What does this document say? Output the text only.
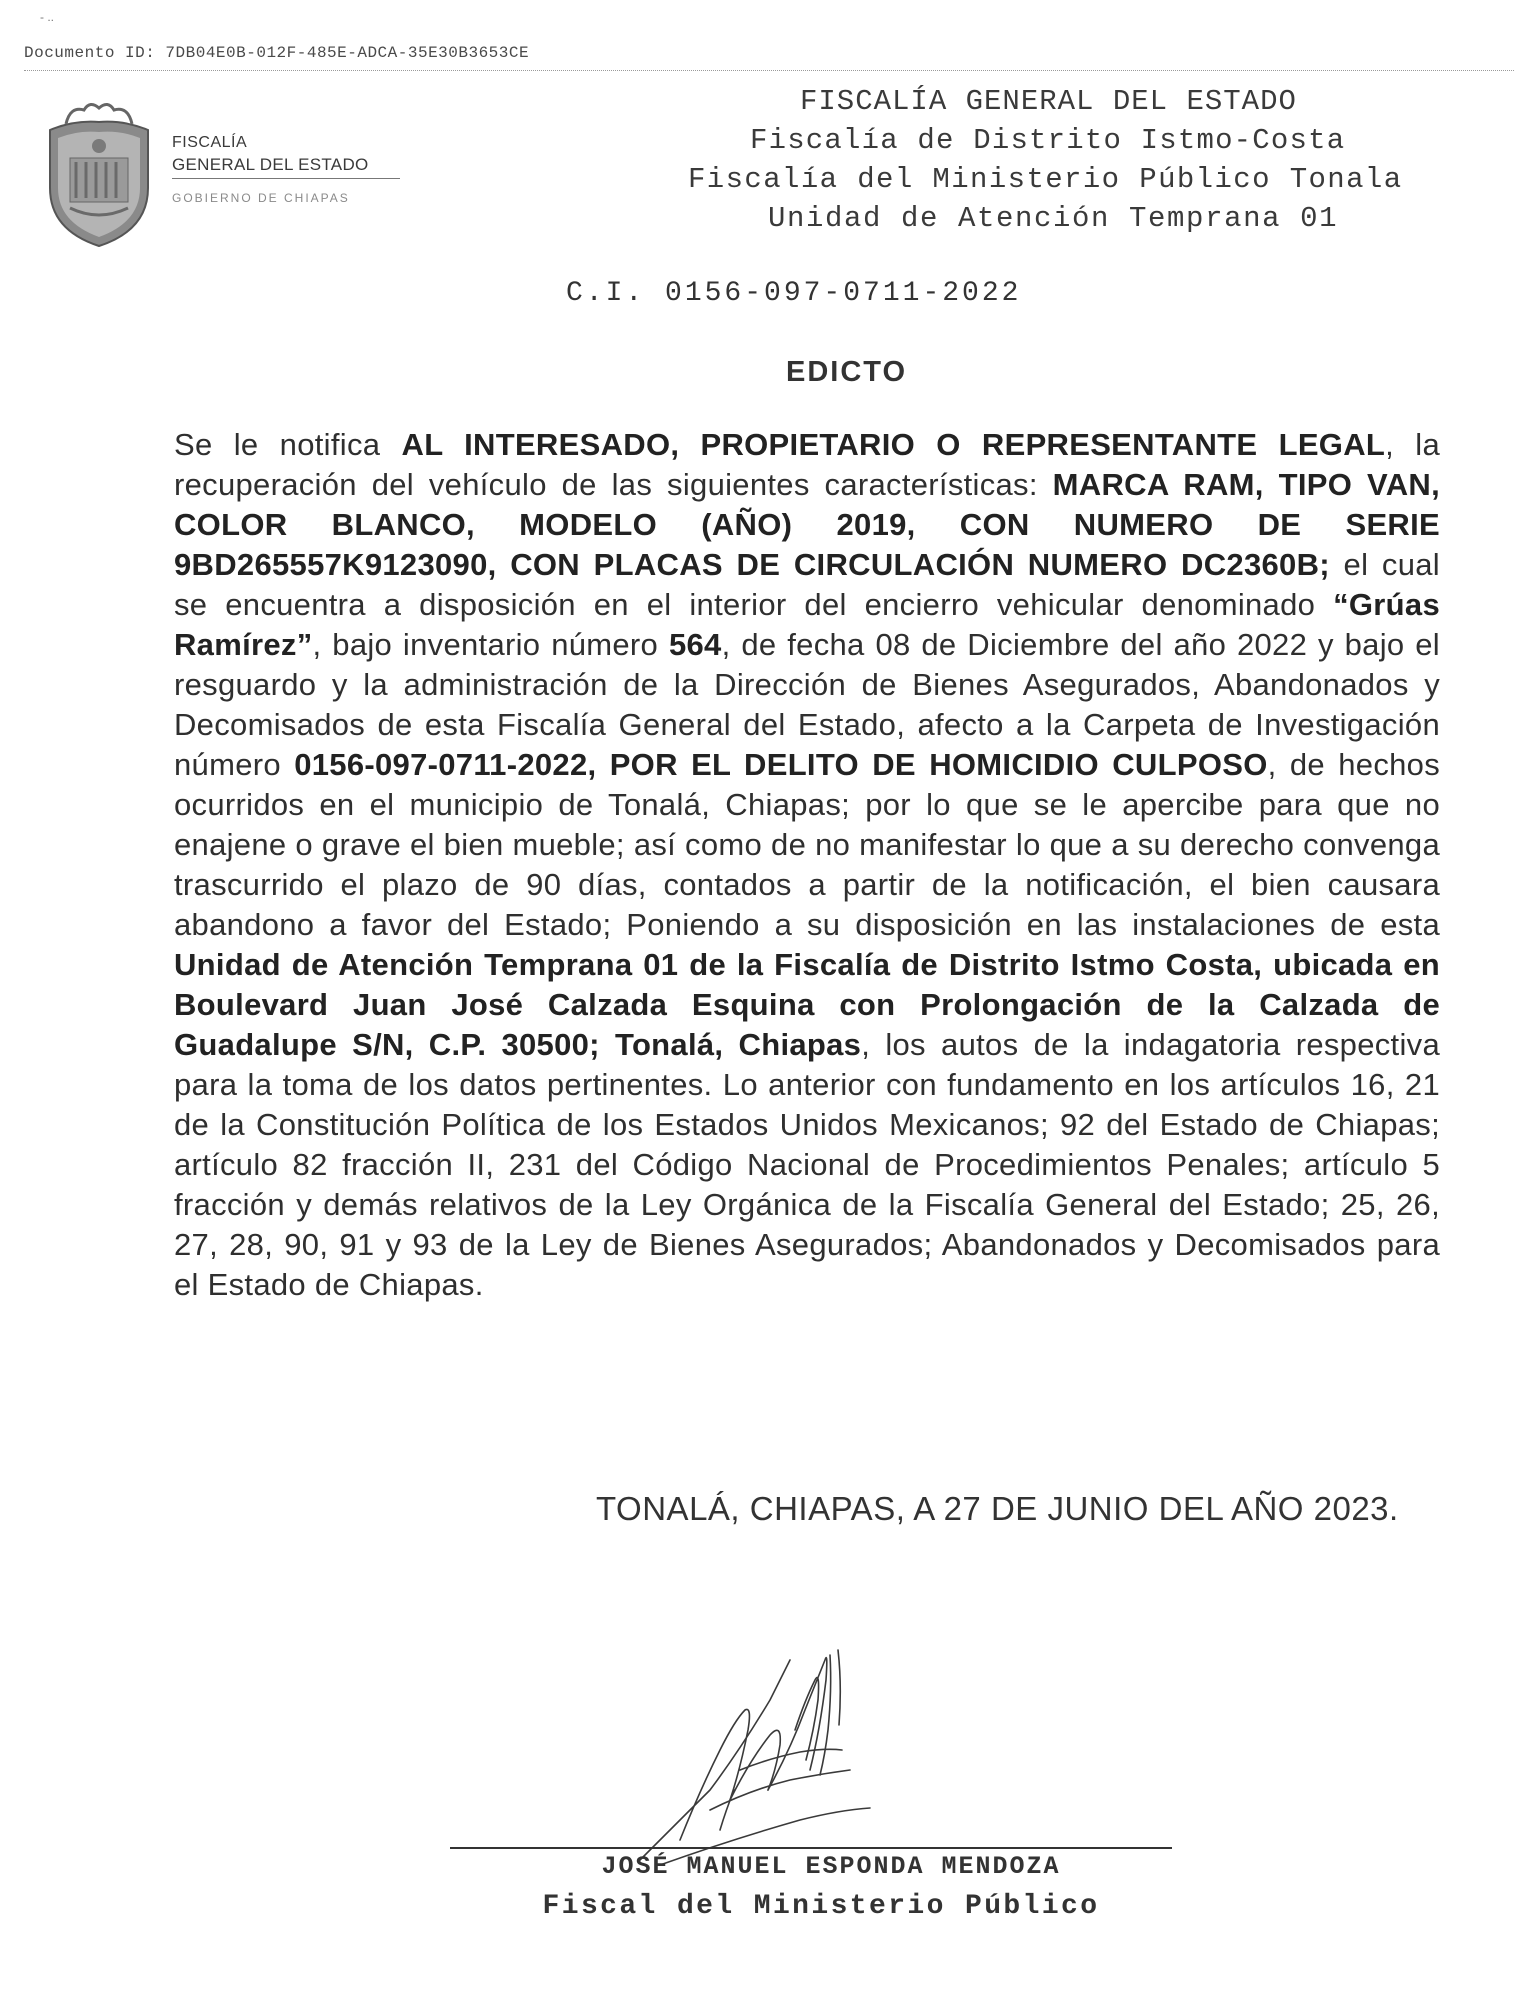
- ..
Documento ID: 7DB04E0B-012F-485E-ADCA-35E30B3653CE
FISCALÍA
GENERAL DEL ESTADO
GOBIERNO DE CHIAPAS
FISCALÍA GENERAL DEL ESTADO
Fiscalía de Distrito Istmo-Costa
Fiscalía del Ministerio Público Tonala
Unidad de Atención Temprana 01
C.I. 0156-097-0711-2022
EDICTO
Se le notifica AL INTERESADO, PROPIETARIO O REPRESENTANTE LEGAL, la recuperación del vehículo de las siguientes características: MARCA RAM, TIPO VAN, COLOR BLANCO, MODELO (AÑO) 2019, CON NUMERO DE SERIE 9BD265557K9123090, CON PLACAS DE CIRCULACIÓN NUMERO DC2360B; el cual se encuentra a disposición en el interior del encierro vehicular denominado “Grúas Ramírez”, bajo inventario número 564, de fecha 08 de Diciembre del año 2022 y bajo el resguardo y la administración de la Dirección de Bienes Asegurados, Abandonados y Decomisados de esta Fiscalía General del Estado, afecto a la Carpeta de Investigación número 0156-097-0711-2022, POR EL DELITO DE HOMICIDIO CULPOSO, de hechos ocurridos en el municipio de Tonalá, Chiapas; por lo que se le apercibe para que no enajene o grave el bien mueble; así como de no manifestar lo que a su derecho convenga trascurrido el plazo de 90 días, contados a partir de la notificación, el bien causara abandono a favor del Estado; Poniendo a su disposición en las instalaciones de esta Unidad de Atención Temprana 01 de la Fiscalía de Distrito Istmo Costa, ubicada en Boulevard Juan José Calzada Esquina con Prolongación de la Calzada de Guadalupe S/N, C.P. 30500; Tonalá, Chiapas, los autos de la indagatoria respectiva para la toma de los datos pertinentes. Lo anterior con fundamento en los artículos 16, 21 de la Constitución Política de los Estados Unidos Mexicanos; 92 del Estado de Chiapas; artículo 82 fracción II, 231 del Código Nacional de Procedimientos Penales; artículo 5 fracción y demás relativos de la Ley Orgánica de la Fiscalía General del Estado; 25, 26, 27, 28, 90, 91 y 93 de la Ley de Bienes Asegurados; Abandonados y Decomisados para el Estado de Chiapas.
TONALÁ, CHIAPAS, A 27 DE JUNIO DEL AÑO 2023.
JOSÉ MANUEL ESPONDA MENDOZA
Fiscal del Ministerio Público
